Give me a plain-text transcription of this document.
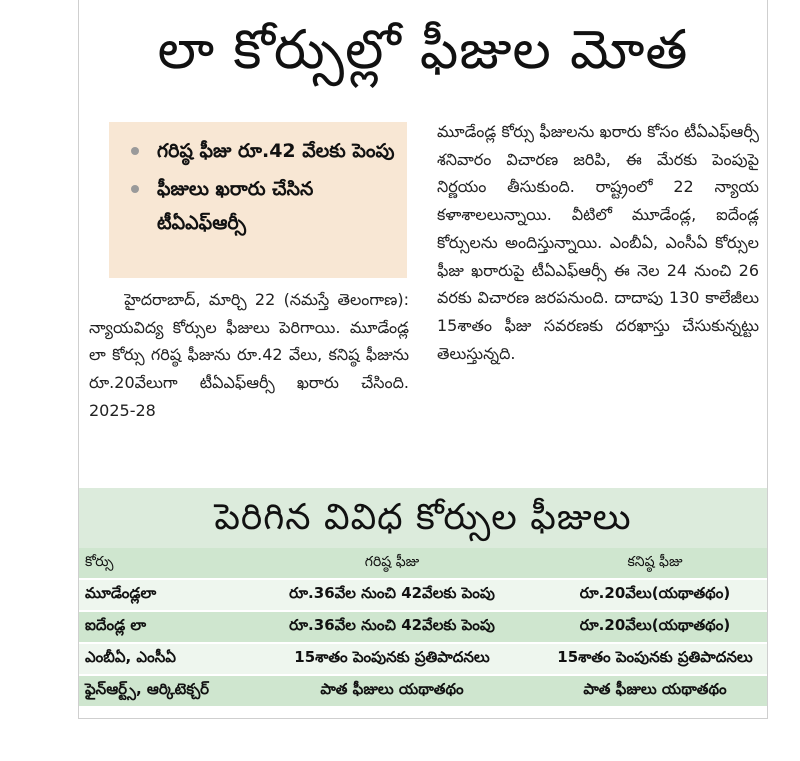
లా కోర్సుల్లో ఫీజుల మోత
గరిష్ఠ ఫీజు రూ.42 వేలకు పెంపు
ఫీజులు ఖరారు చేసిన టీఏఎఫ్‌ఆర్సీ
హైదరాబాద్, మార్చి 22 (నమస్తే తెలంగాణ): న్యాయవిద్య కోర్సుల ఫీజులు పెరిగాయి. మూడేండ్ల లా కోర్సు గరిష్ఠ ఫీజును రూ.42 వేలు, కనిష్ఠ ఫీజును రూ.20వేలుగా టీఏఎఫ్‌ఆర్సీ ఖరారు చేసింది. 2025-28
మూడేండ్ల కోర్సు ఫీజులను ఖరారు కోసం టీఏఎఫ్‌ఆర్సీ శనివారం విచారణ జరిపి, ఈ మేరకు పెంపుపై నిర్ణయం తీసుకుంది. రాష్ట్రంలో 22 న్యాయ కళాశాలలున్నాయి. వీటిలో మూడేండ్ల, ఐదేండ్ల కోర్సులను అందిస్తున్నాయి. ఎంబీఏ, ఎంసీఏ కోర్సుల ఫీజు ఖరారుపై టీఏఎఫ్‌ఆర్సీ ఈ నెల 24 నుంచి 26 వరకు విచారణ జరపనుంది. దాదాపు 130 కాలేజీలు 15శాతం ఫీజు సవరణకు దరఖాస్తు చేసుకున్నట్టు తెలుస్తున్నది.
పెరిగిన వివిధ కోర్సుల ఫీజులు
కోర్సు	గరిష్ఠ ఫీజు	కనిష్ఠ ఫీజు
మూడేండ్లలా	రూ.36వేల నుంచి 42వేలకు పెంపు	రూ.20వేలు(యథాతథం)
ఐదేండ్ల లా	రూ.36వేల నుంచి 42వేలకు పెంపు	రూ.20వేలు(యథాతథం)
ఎంబీఏ, ఎంసీఏ	15శాతం పెంపునకు ప్రతిపాదనలు	15శాతం పెంపునకు ప్రతిపాదనలు
ఫైన్‌ఆర్ట్స్, ఆర్కిటెక్చర్	పాత ఫీజులు యథాతథం	పాత ఫీజులు యథాతథం
